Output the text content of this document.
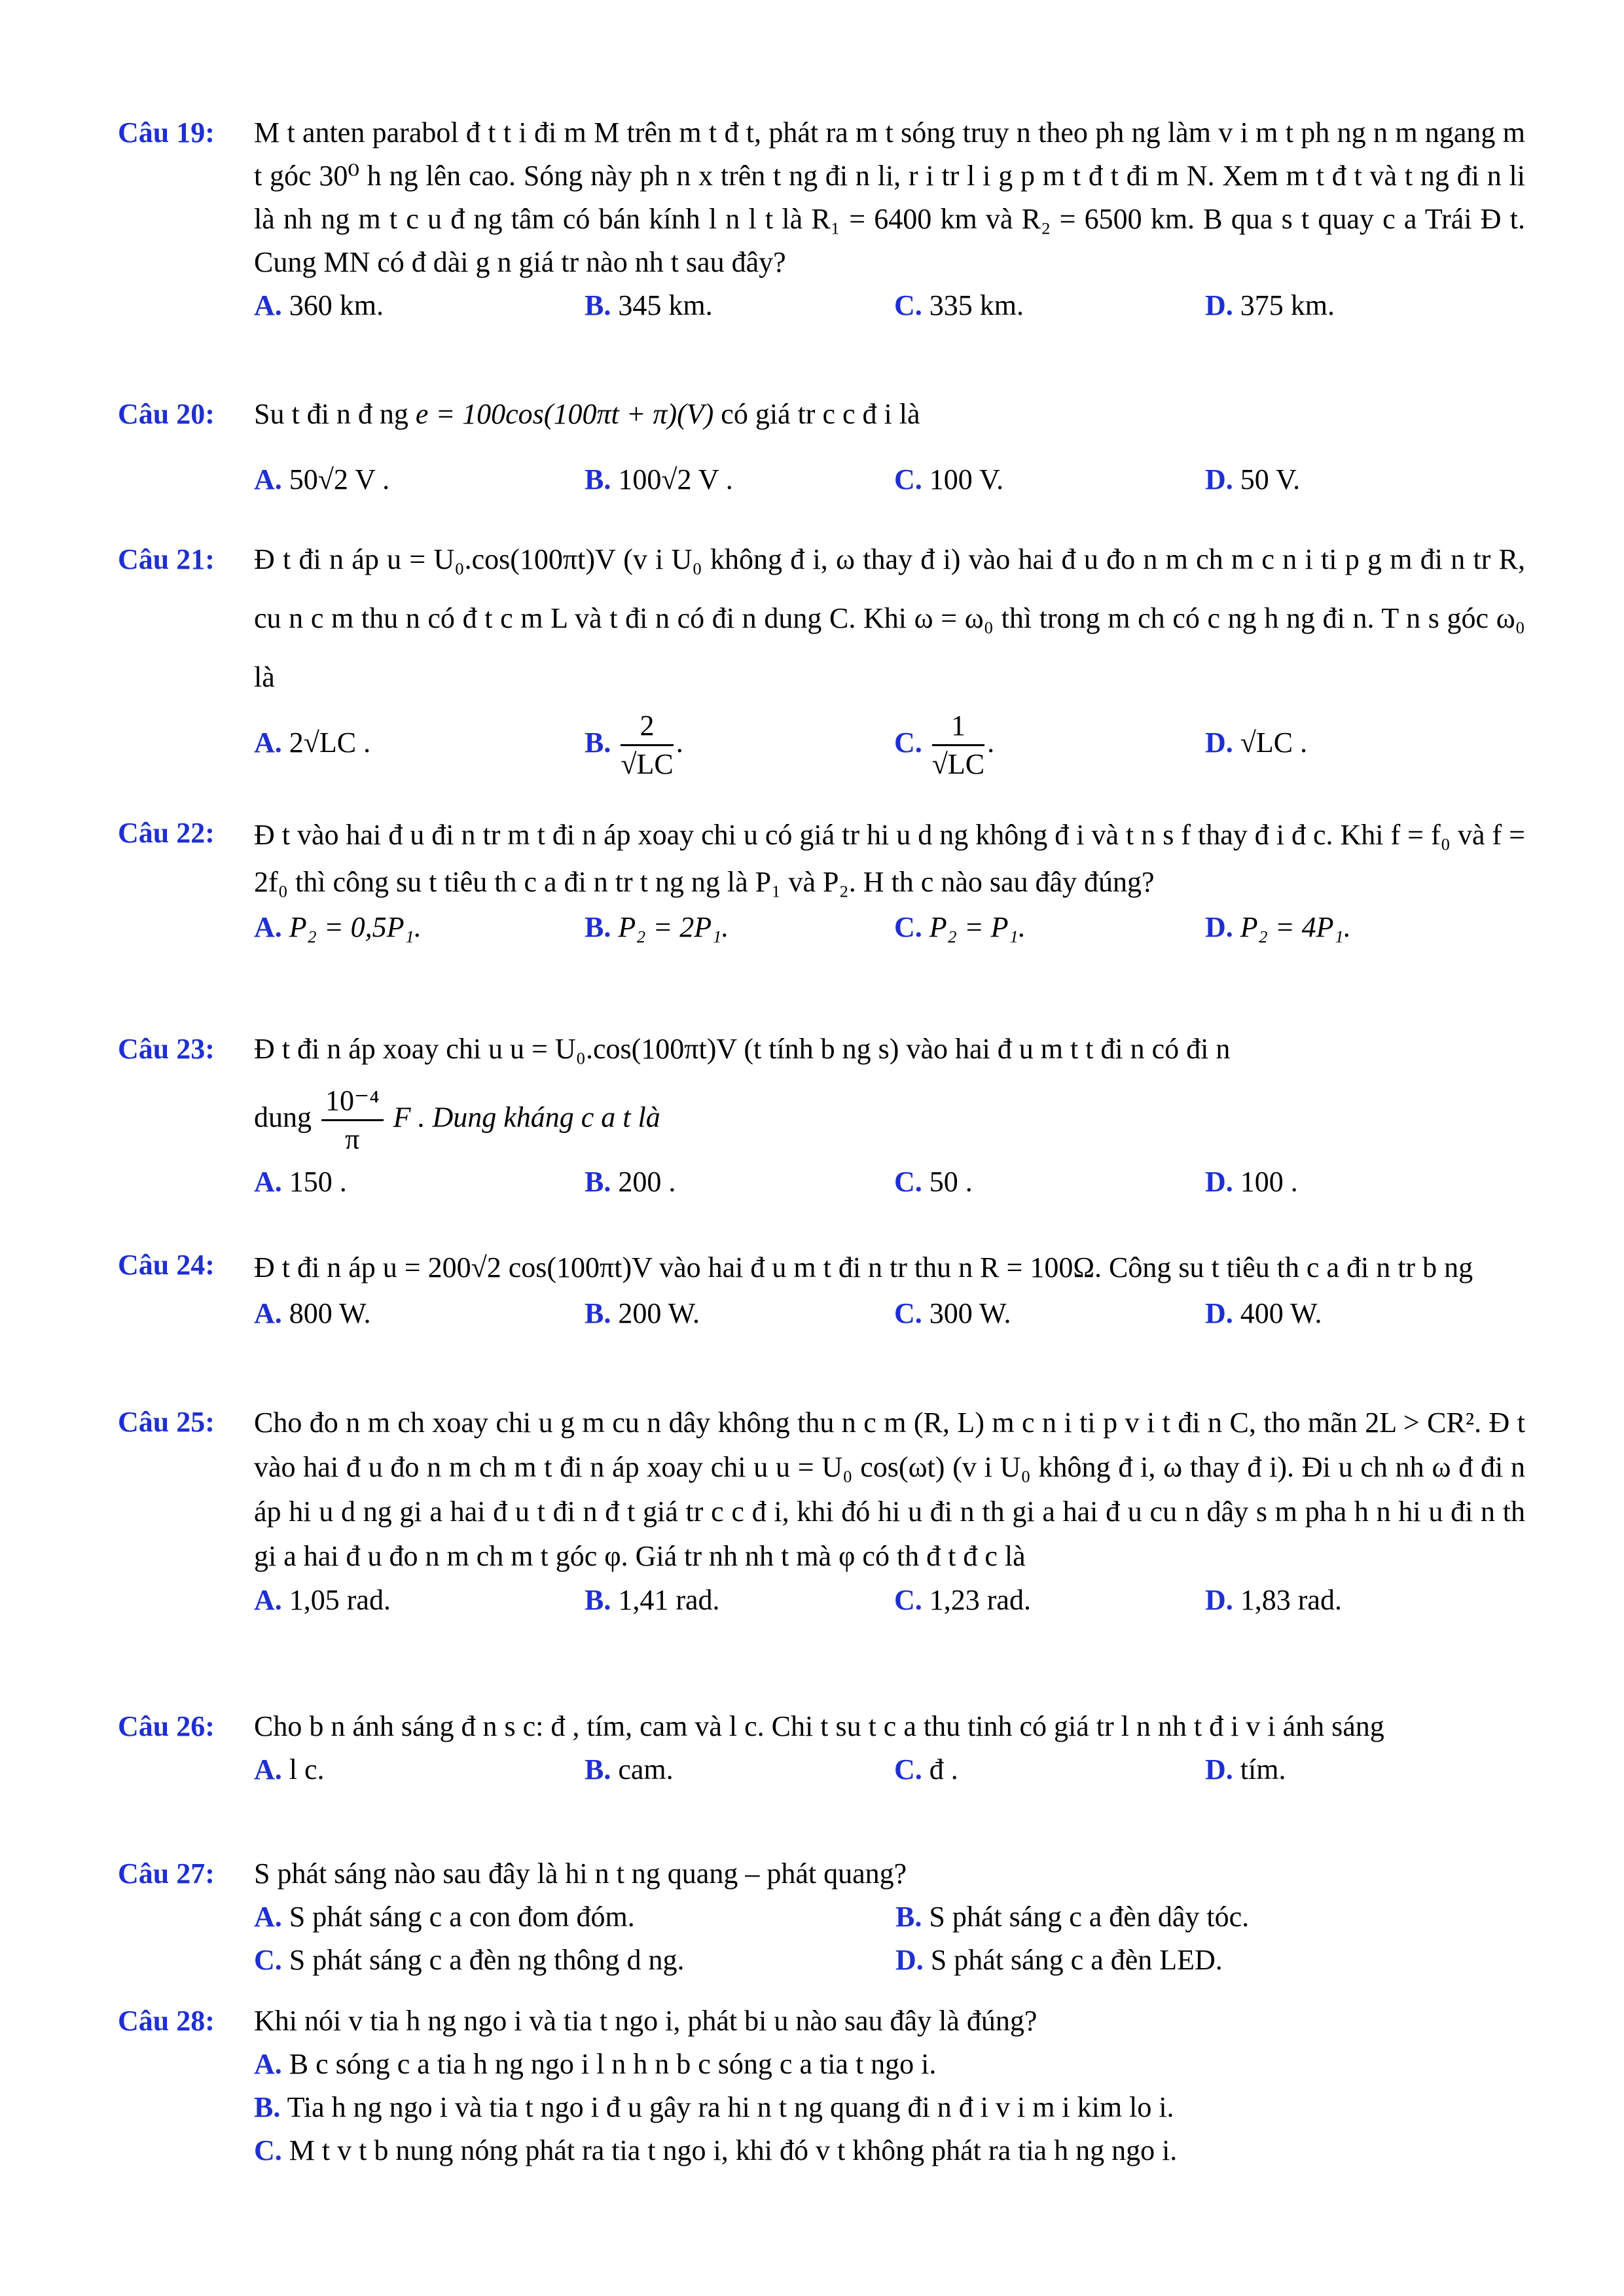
Câu 19: M t anten parabol đ t t i đi m M trên m t đ t, phát ra m t sóng truy n theo ph ng làm v i m t ph ng n m ngang m t góc 30⁰ h ng lên cao. Sóng này ph n x trên t ng đi n li, r i tr l i g p m t đ t đi m N. Xem m t đ t và t ng đi n li là nh ng m t c u đ ng tâm có bán kính l n l t là R₁ = 6400 km và R₂ = 6500 km. B qua s t quay c a Trái Đ t. Cung MN có đ dài g n giá tr nào nh t sau đây?
A. 360 km.	B. 345 km.	C. 335 km.	D. 375 km.
Câu 20: Su t đi n đ ng e = 100cos(100πt + π)(V) có giá tr c c đ i là
A. 50√2 V .	B. 100√2 V .	C. 100 V.	D. 50 V.
Câu 21: Đ t đi n áp u = U₀.cos(100πt)V (v i U₀ không đ i, ω thay đ i) vào hai đ u đo n m ch m c n i ti p g m đi n tr R, cu n c m thu n có đ t c m L và t đi n có đi n dung C. Khi ω = ω₀ thì trong m ch có c ng h ng đi n. T n s góc ω₀ là
A. 2√LC .	B. $\frac{2}{√LC}$ .	C. $\frac{1}{√LC}$ .	D. √LC .
Câu 22: Đ t vào hai đ u đi n tr m t đi n áp xoay chi u có giá tr hi u d ng không đ i và t n s f thay đ i đ c. Khi f = f₀ và f = 2f₀ thì công su t tiêu th c a đi n tr t ng ng là P₁ và P₂. H th c nào sau đây đúng?
A. P₂ = 0,5P₁.	B. P₂ = 2P₁.	C. P₂ = P₁.	D. P₂ = 4P₁.
Câu 23: Đ t đi n áp xoay chi u u = U₀.cos(100πt)V (t tính b ng s) vào hai đ u m t t đi n có đi n
dung $\frac{\text{10⁻⁴}}{\pi}$ F . Dung kháng c a t là
A. 150 .	B. 200 .	C. 50 .	D. 100 .
Câu 24: Đ t đi n áp u = 200√2 cos(100πt)V vào hai đ u m t đi n tr thu n R = 100Ω. Công su t tiêu th c a đi n tr b ng
A. 800 W.	B. 200 W.	C. 300 W.	D. 400 W.
Câu 25: Cho đo n m ch xoay chi u g m cu n dây không thu n c m (R, L) m c n i ti p v i t đi n C, tho mãn 2L > CR². Đ t vào hai đ u đo n m ch m t đi n áp xoay chi u u = U₀ cos(ωt) (v i U₀ không đ i, ω thay đ i). Đi u ch nh ω đ đi n áp hi u d ng gi a hai đ u t đi n đ t giá tr c c đ i, khi đó hi u đi n th gi a hai đ u cu n dây s m pha h n hi u đi n th gi a hai đ u đo n m ch m t góc φ. Giá tr nh nh t mà φ có th đ t đ c là
A. 1,05 rad.	B. 1,41 rad.	C. 1,23 rad.	D. 1,83 rad.
Câu 26: Cho b n ánh sáng đ n s c: đ , tím, cam và l c. Chi t su t c a thu tinh có giá tr l n nh t đ i v i ánh sáng
A. l c.	B. cam.	C. đ .	D. tím.
Câu 27: S phát sáng nào sau đây là hi n t ng quang – phát quang?
A. S phát sáng c a con đom đóm.	B. S phát sáng c a đèn dây tóc.
C. S phát sáng c a đèn ng thông d ng.	D. S phát sáng c a đèn LED.
Câu 28: Khi nói v tia h ng ngo i và tia t ngo i, phát bi u nào sau đây là đúng?
A. B c sóng c a tia h ng ngo i l n h n b c sóng c a tia t ngo i.
B. Tia h ng ngo i và tia t ngo i đ u gây ra hi n t ng quang đi n đ i v i m i kim lo i.
C. M t v t b nung nóng phát ra tia t ngo i, khi đó v t không phát ra tia h ng ngo i.
